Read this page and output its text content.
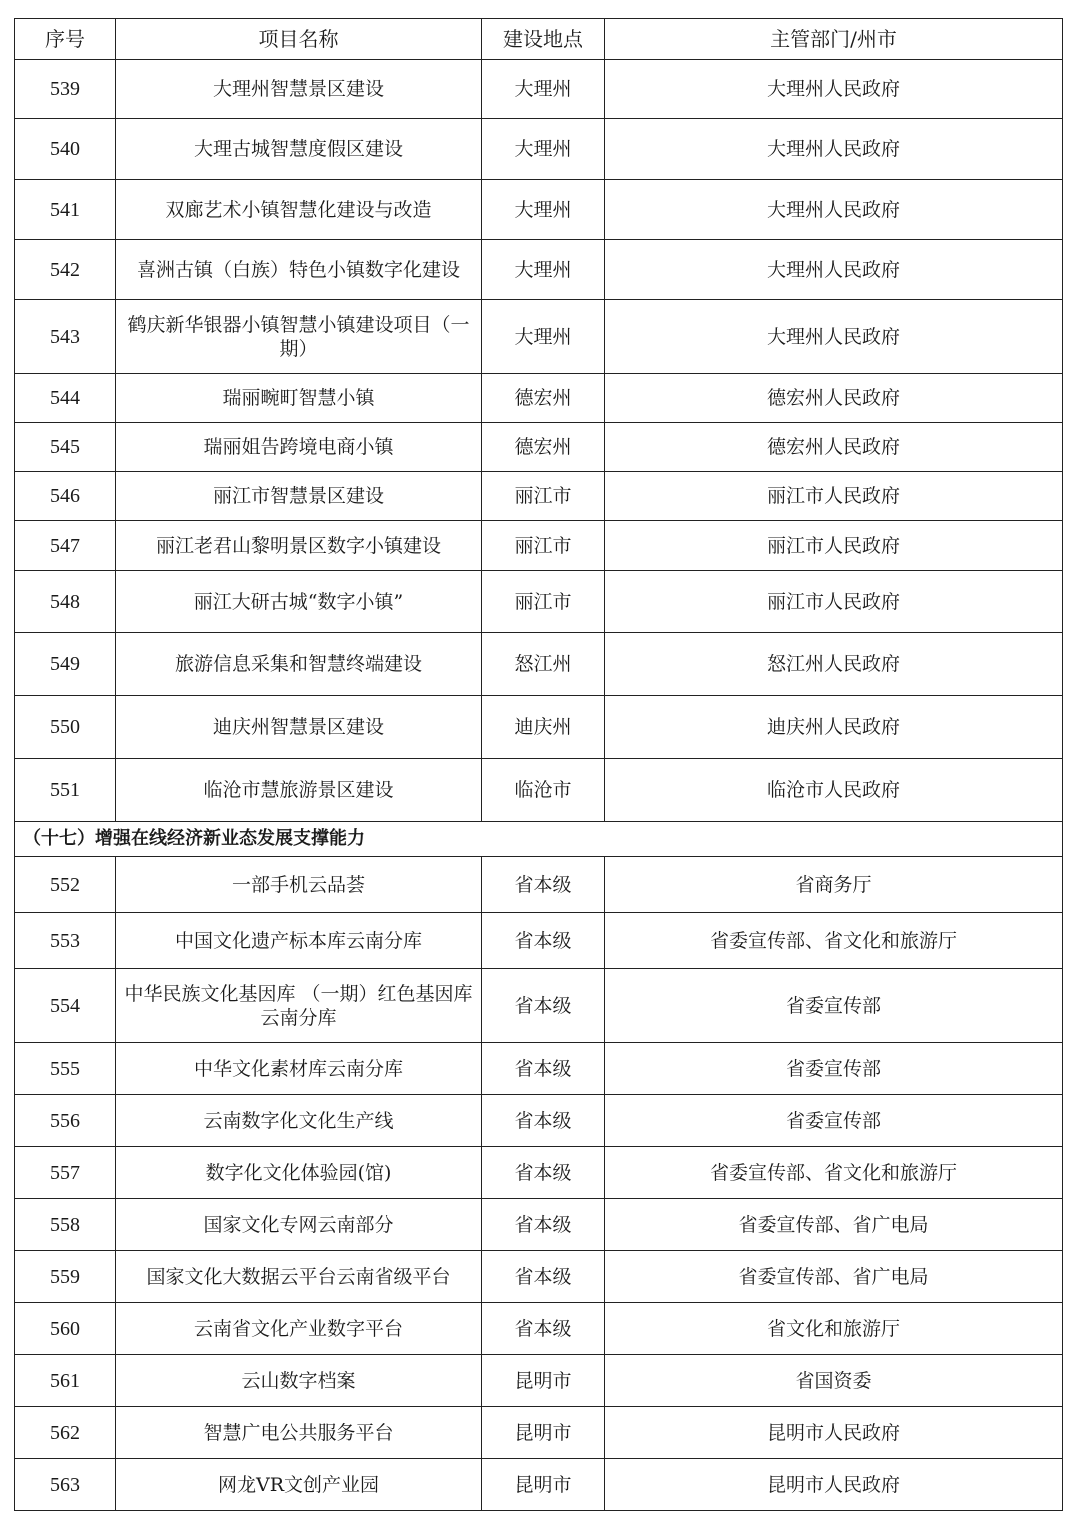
序号	项目名称	建设地点	主管部门/州市
539	大理州智慧景区建设	大理州	大理州人民政府
540	大理古城智慧度假区建设	大理州	大理州人民政府
541	双廊艺术小镇智慧化建设与改造	大理州	大理州人民政府
542	喜洲古镇（白族）特色小镇数字化建设	大理州	大理州人民政府
543	鹤庆新华银器小镇智慧小镇建设项目（一期）	大理州	大理州人民政府
544	瑞丽畹町智慧小镇	德宏州	德宏州人民政府
545	瑞丽姐告跨境电商小镇	德宏州	德宏州人民政府
546	丽江市智慧景区建设	丽江市	丽江市人民政府
547	丽江老君山黎明景区数字小镇建设	丽江市	丽江市人民政府
548	丽江大研古城“数字小镇”	丽江市	丽江市人民政府
549	旅游信息采集和智慧终端建设	怒江州	怒江州人民政府
550	迪庆州智慧景区建设	迪庆州	迪庆州人民政府
551	临沧市慧旅游景区建设	临沧市	临沧市人民政府
（十七）增强在线经济新业态发展支撑能力			
552	一部手机云品荟	省本级	省商务厅
553	中国文化遗产标本库云南分库	省本级	省委宣传部、省文化和旅游厅
554	中华民族文化基因库 （一期）红色基因库云南分库	省本级	省委宣传部
555	中华文化素材库云南分库	省本级	省委宣传部
556	云南数字化文化生产线	省本级	省委宣传部
557	数字化文化体验园(馆)	省本级	省委宣传部、省文化和旅游厅
558	国家文化专网云南部分	省本级	省委宣传部、省广电局
559	国家文化大数据云平台云南省级平台	省本级	省委宣传部、省广电局
560	云南省文化产业数字平台	省本级	省文化和旅游厅
561	云山数字档案	昆明市	省国资委
562	智慧广电公共服务平台	昆明市	昆明市人民政府
563	网龙VR文创产业园	昆明市	昆明市人民政府
